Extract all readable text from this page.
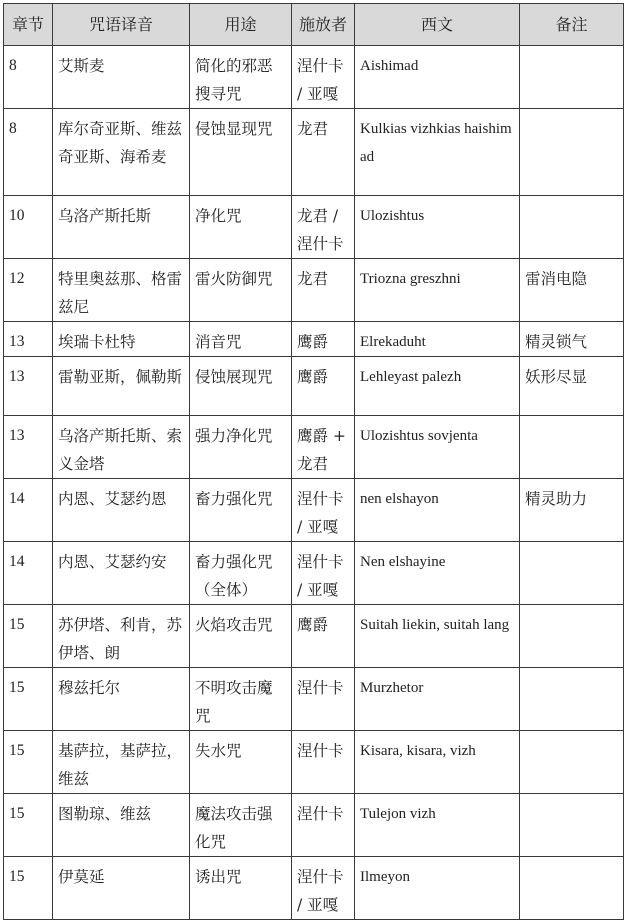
章节	咒语译音	用途	施放者	西文	备注
8	艾斯麦	简化的邪恶搜寻咒	涅什卡 / 亚嘎	Aishimad	
8	库尔奇亚斯、维兹奇亚斯、海希麦	侵蚀显现咒	龙君	Kulkias vizhkias haishimad	
10	乌洛产斯托斯	净化咒	龙君 / 涅什卡	Ulozishtus	
12	特里奥兹那、格雷兹尼	雷火防御咒	龙君	Triozna greszhni	雷消电隐
13	埃瑞卡杜特	消音咒	鹰爵	Elrekaduht	精灵锁气
13	雷勒亚斯，佩勒斯	侵蚀展现咒	鹰爵	Lehleyast palezh	妖形尽显
13	乌洛产斯托斯、索义金塔	强力净化咒	鹰爵 + 龙君	Ulozishtus sovjenta	
14	内恩、艾瑟约恩	畜力强化咒	涅什卡 / 亚嘎	nen elshayon	精灵助力
14	内恩、艾瑟约安	畜力强化咒（全体）	涅什卡 / 亚嘎	Nen elshayine	
15	苏伊塔、利肯，苏伊塔、朗	火焰攻击咒	鹰爵	Suitah liekin, suitah lang	
15	穆兹托尔	不明攻击魔咒	涅什卡	Murzhetor	
15	基萨拉，基萨拉，维兹	失水咒	涅什卡	Kisara, kisara, vizh	
15	图勒琼、维兹	魔法攻击强化咒	涅什卡	Tulejon vizh	
15	伊莫延	诱出咒	涅什卡 / 亚嘎	Ilmeyon	
